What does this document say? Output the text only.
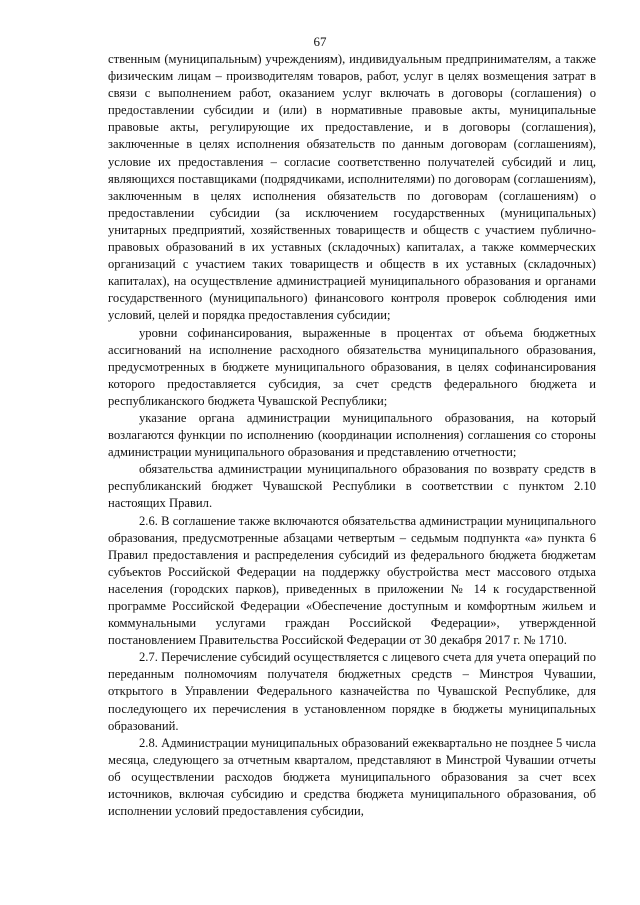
67

ственным (муниципальным) учреждениям), индивидуальным предпринимателям, а также физическим лицам – производителям товаров, работ, услуг в целях возмещения затрат в связи с выполнением работ, оказанием услуг включать в договоры (соглашения) о предоставлении субсидии и (или) в нормативные правовые акты, муниципальные правовые акты, регулирующие их предоставление, и в договоры (соглашения), заключенные в целях исполнения обязательств по данным договорам (соглашениям), условие их предоставления – согласие соответственно получателей субсидий и лиц, являющихся поставщиками (подрядчиками, исполнителями) по договорам (соглашениям), заключенным в целях исполнения обязательств по договорам (соглашениям) о предоставлении субсидии (за исключением государственных (муниципальных) унитарных предприятий, хозяйственных товариществ и обществ с участием публично-правовых образований в их уставных (складочных) капиталах, а также коммерческих организаций с участием таких товариществ и обществ в их уставных (складочных) капиталах), на осуществление администрацией муниципального образования и органами государственного (муниципального) финансового контроля проверок соблюдения ими условий, целей и порядка предоставления субсидии;

уровни софинансирования, выраженные в процентах от объема бюджетных ассигнований на исполнение расходного обязательства муниципального образования, предусмотренных в бюджете муниципального образования, в целях софинансирования которого предоставляется субсидия, за счет средств федерального бюджета и республиканского бюджета Чувашской Республики;

указание органа администрации муниципального образования, на который возлагаются функции по исполнению (координации исполнения) соглашения со стороны администрации муниципального образования и представлению отчетности;

обязательства администрации муниципального образования по возврату средств в республиканский бюджет Чувашской Республики в соответствии с пунктом 2.10 настоящих Правил.

2.6. В соглашение также включаются обязательства администрации муниципального образования, предусмотренные абзацами четвертым – седьмым подпункта «а» пункта 6 Правил предоставления и распределения субсидий из федерального бюджета бюджетам субъектов Российской Федерации на поддержку обустройства мест массового отдыха населения (городских парков), приведенных в приложении № 14 к государственной программе Российской Федерации «Обеспечение доступным и комфортным жильем и коммунальными услугами граждан Российской Федерации», утвержденной постановлением Правительства Российской Федерации от 30 декабря 2017 г. № 1710.

2.7. Перечисление субсидий осуществляется с лицевого счета для учета операций по переданным полномочиям получателя бюджетных средств – Минстроя Чувашии, открытого в Управлении Федерального казначейства по Чувашской Республике, для последующего их перечисления в установленном порядке в бюджеты муниципальных образований.

2.8. Администрации муниципальных образований ежеквартально не позднее 5 числа месяца, следующего за отчетным кварталом, представляют в Минстрой Чувашии отчеты об осуществлении расходов бюджета муниципального образования за счет всех источников, включая субсидию и средства бюджета муниципального образования, об исполнении условий предоставления субсидии,
